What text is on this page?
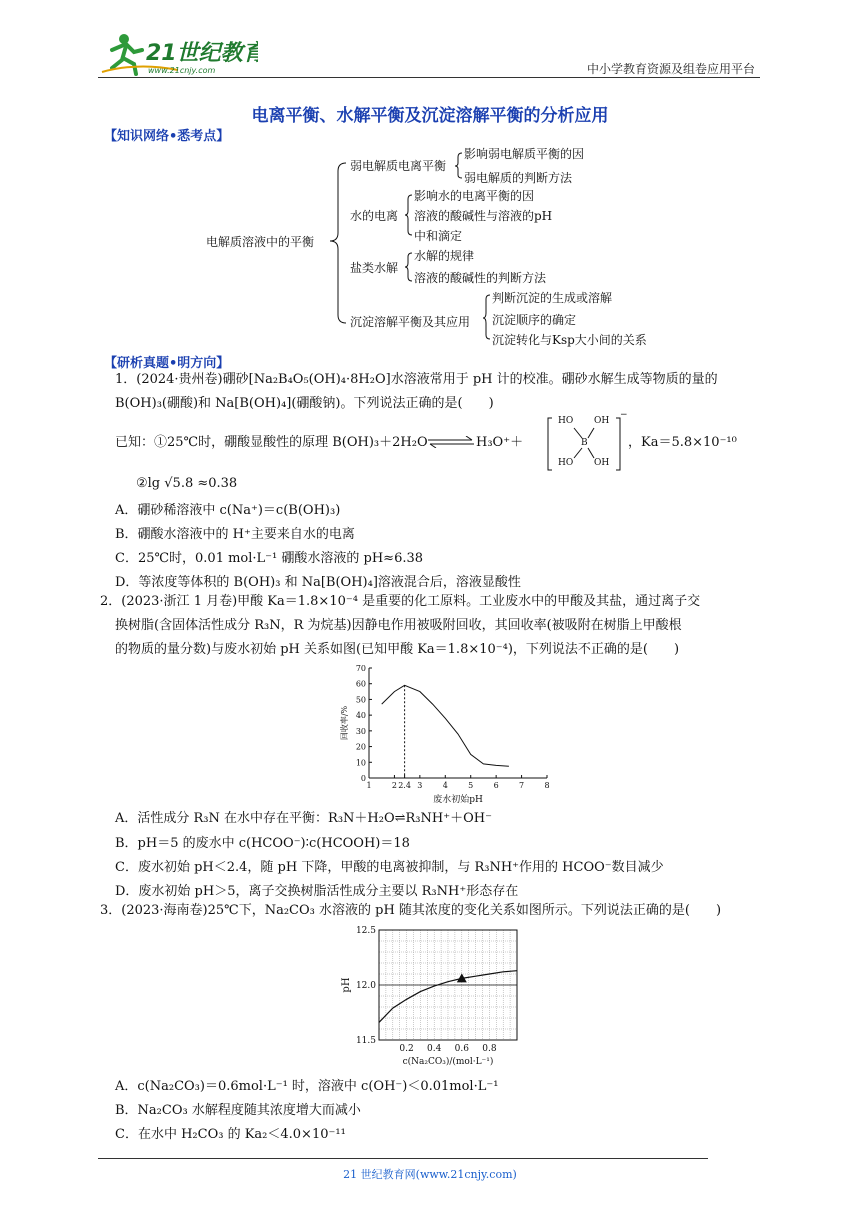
21世纪教育
www.21cnjy.com	中小学教育资源及组卷应用平台
电离平衡、水解平衡及沉淀溶解平衡的分析应用
【知识网络•悉考点】
电解质溶液中的平衡
弱电解质电离平衡
影响弱电解质平衡的因
弱电解质的判断方法
水的电离
影响水的电离平衡的因
溶液的酸碱性与溶液的pH
中和滴定
盐类水解
水解的规律
溶液的酸碱性的判断方法
沉淀溶解平衡及其应用
判断沉淀的生成或溶解
沉淀顺序的确定
沉淀转化与Ksp大小间的关系
【研析真题•明方向】
1．(2024·贵州卷)硼砂[Na₂B₄O₅(OH)₄·8H₂O]水溶液常用于 pH 计的校准。硼砂水解生成等物质的量的
B(OH)₃(硼酸)和 Na[B(OH)₄](硼酸钠)。下列说法正确的是(　　)
已知：①25℃时，硼酸显酸性的原理 B(OH)₃＋2H₂O ⇌ H₃O⁺＋
HO OH
B
HO OH
−
，Ka＝5.8×10⁻¹⁰
②lg √5.8 ≈0.38
A．硼砂稀溶液中 c(Na⁺)＝c(B(OH)₃)
B．硼酸水溶液中的 H⁺主要来自水的电离
C．25℃时，0.01 mol·L⁻¹ 硼酸水溶液的 pH≈6.38
D．等浓度等体积的 B(OH)₃ 和 Na[B(OH)₄]溶液混合后，溶液显酸性
2．(2023·浙江 1 月卷)甲酸 Ka＝1.8×10⁻⁴ 是重要的化工原料。工业废水中的甲酸及其盐，通过离子交
换树脂(含固体活性成分 R₃N，R 为烷基)因静电作用被吸附回收，其回收率(被吸附在树脂上甲酸根
的物质的量分数)与废水初始 pH 关系如图(已知甲酸 Ka＝1.8×10⁻⁴)，下列说法不正确的是(　　)
1	2 2.4 3	4	5	6	7	8
0
10
20
30
40
50
60
70
废水初始pH
回收率/%
A．活性成分 R₃N 在水中存在平衡：R₃N＋H₂O⇌R₃NH⁺＋OH⁻
B．pH＝5 的废水中 c(HCOO⁻)∶c(HCOOH)＝18
C．废水初始 pH＜2.4，随 pH 下降，甲酸的电离被抑制，与 R₃NH⁺作用的 HCOO⁻数目减少
D．废水初始 pH＞5，离子交换树脂活性成分主要以 R₃NH⁺形态存在
3．(2023·海南卷)25℃下，Na₂CO₃ 水溶液的 pH 随其浓度的变化关系如图所示。下列说法正确的是(　　)
0.2 0.4 0.6 0.8
11.5
12.0
12.5
c(Na₂CO₃)/(mol·L⁻¹)
pH
A．c(Na₂CO₃)＝0.6mol·L⁻¹ 时，溶液中 c(OH⁻)＜0.01mol·L⁻¹
B．Na₂CO₃ 水解程度随其浓度增大而减小
C．在水中 H₂CO₃ 的 Ka₂＜4.0×10⁻¹¹
21 世纪教育网(www.21cnjy.com)
